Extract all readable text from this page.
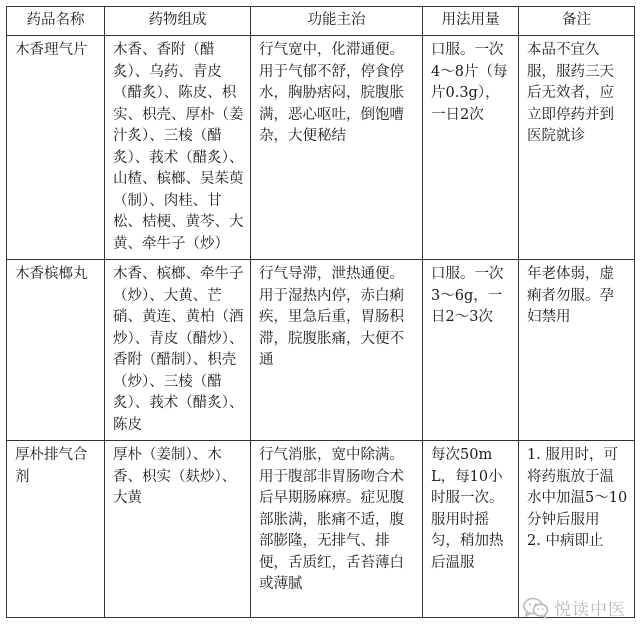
药品名称	药物组成	功能主治	用法用量	备注
木香理气片	木香、香附（醋炙）、乌药、青皮（醋炙）、陈皮、枳实、枳壳、厚朴（姜汁炙）、三棱（醋炙）、莪术（醋炙）、山楂、槟榔、吴茱萸（制）、肉桂、甘松、桔梗、黄芩、大黄、牵牛子（炒）	行气宽中，化滞通便。用于气郁不舒，停食停水，胸胁痞闷，脘腹胀满，恶心呕吐，倒饱嘈杂，大便秘结	口服。一次4～8片（每片0.3g），一日2次	本品不宜久服，服药三天后无效者，应立即停药并到医院就诊
木香槟榔丸	木香、槟榔、牵牛子（炒）、大黄、芒硝、黄连、黄柏（酒炒）、青皮（醋炒）、香附（醋制）、枳壳（炒）、三棱（醋炙）、莪术（醋炙）、陈皮	行气导滞，泄热通便。用于湿热内停，赤白痢疾，里急后重，胃肠积滞，脘腹胀痛，大便不通	口服。一次3～6g，一日2～3次	年老体弱，虚痢者勿服。孕妇禁用
厚朴排气合剂	厚朴（姜制）、木香、枳实（麸炒）、大黄	行气消胀，宽中除满。用于腹部非胃肠吻合术后早期肠麻痹。症见腹部胀满，胀痛不适，腹部膨隆，无排气、排便，舌质红，舌苔薄白或薄腻	每次50mL，每10小时服一次。服用时摇匀，稍加热后温服	1. 服用时，可将药瓶放于温水中加温5～10分钟后服用
2. 中病即止
悦读中医
